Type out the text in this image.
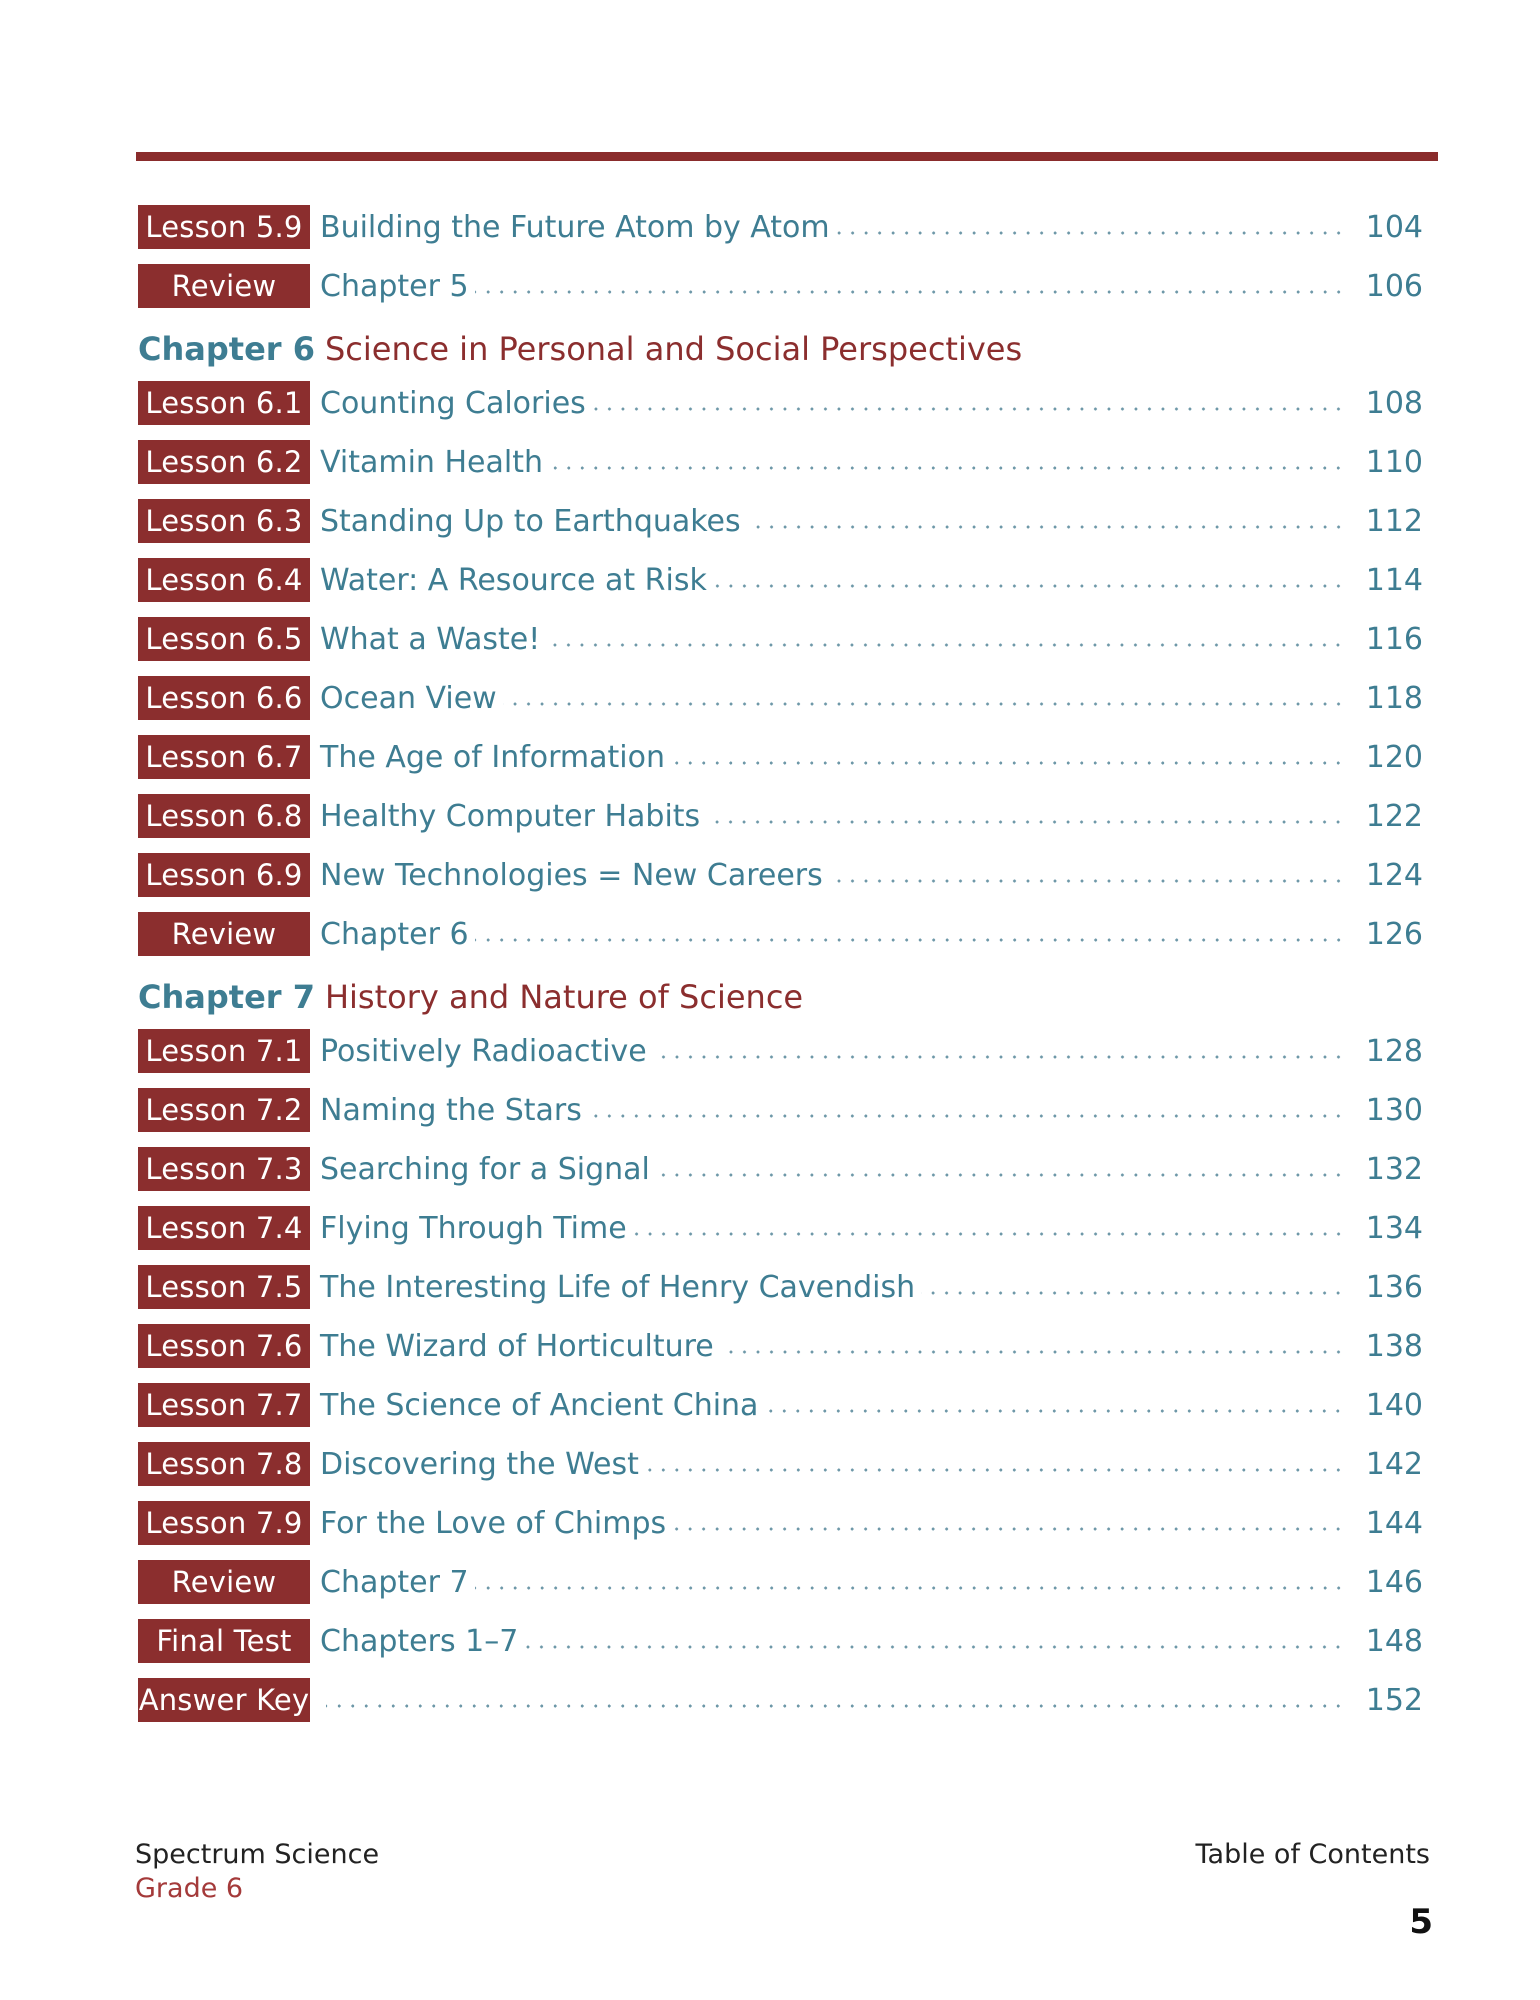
Lesson 5.9 Building the Future Atom by Atom	104
Review	Chapter 5	106
Chapter 6 Science in Personal and Social Perspectives
Lesson 6.1 Counting Calories	108
Lesson 6.2 Vitamin Health	110
Lesson 6.3 Standing Up to Earthquakes	112
Lesson 6.4 Water: A Resource at Risk	114
Lesson 6.5 What a Waste!	116
Lesson 6.6 Ocean View	118
Lesson 6.7 The Age of Information	120
Lesson 6.8 Healthy Computer Habits	122
Lesson 6.9 New Technologies = New Careers	124
Review	Chapter 6	126
Chapter 7 History and Nature of Science
Lesson 7.1 Positively Radioactive	128
Lesson 7.2 Naming the Stars	130
Lesson 7.3 Searching for a Signal	132
Lesson 7.4 Flying Through Time	134
Lesson 7.5 The Interesting Life of Henry Cavendish	136
Lesson 7.6 The Wizard of Horticulture	138
Lesson 7.7 The Science of Ancient China	140
Lesson 7.8 Discovering the West	142
Lesson 7.9 For the Love of Chimps	144
Review	Chapter 7	146
Final Test Chapters 1–7	148
Answer Key	152
Spectrum Science
Grade 6
Table of Contents
5
